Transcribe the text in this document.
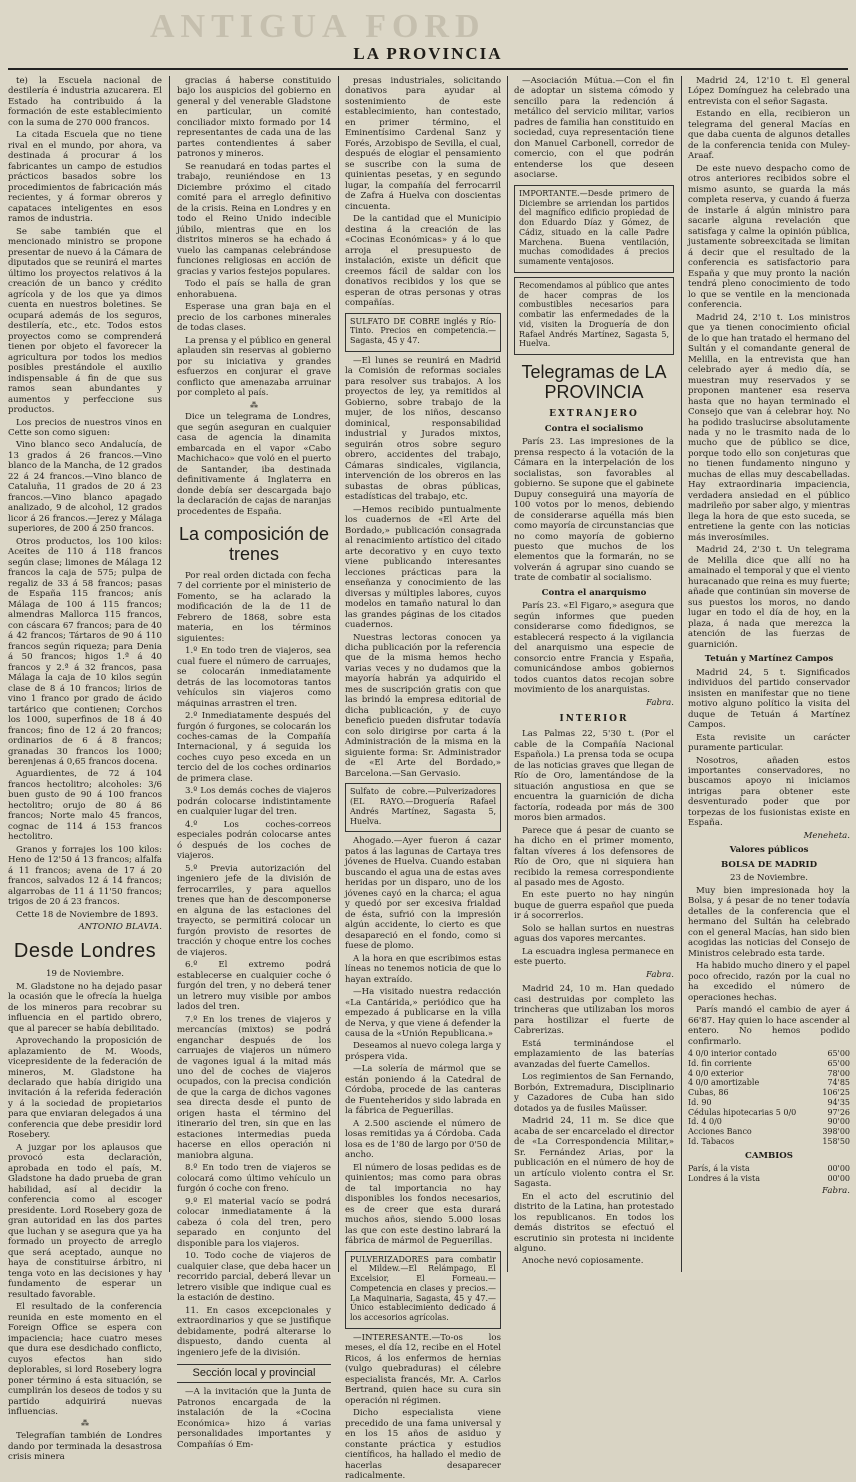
ANTIGUA FORD
LA PROVINCIA

te) la Escuela nacional de destilería é industria azucarera. El Estado ha contribuido á la formación de este establecimiento con la suma de 270 000 francos.

La citada Escuela que no tiene rival en el mundo, por ahora, va destinada á procurar á los fabricantes un campo de estudios prácticos basados sobre los procedimientos de fabricación más recientes, y á formar obreros y capataces inteligentes en esos ramos de industria.

Se sabe también que el mencionado ministro se propone presentar de nuevo á la Cámara de diputados que se reunirá el martes último los proyectos relativos á la creación de un banco y crédito agrícola y de los que ya dimos cuenta en nuestros boletines. Se ocupará además de los seguros, destilería, etc., etc. Todos estos proyectos como se comprenderá tienen por objeto el favorecer la agricultura por todos los medios posibles prestándole el auxilio indispensable á fin de que sus ramos sean abundantes y aumentos y perfeccione sus productos.

Los precios de nuestros vinos en Cette son como siguen:

Vino blanco seco Andalucía, de 13 grados á 26 francos.—Vino blanco de la Mancha, de 12 grados 22 á 24 francos.—Vino blanco de Cataluña, 11 grados de 20 á 23 francos.—Vino blanco apagado analizado, 9 de alcohol, 12 grados licor á 26 francos.—Jerez y Málaga superiores, de 200 á 250 francos.

Otros productos, los 100 kilos: Aceites de 110 á 118 francos según clase; limones de Málaga 12 francos la caja de 575; pulpa de regaliz de 33 á 58 francos; pasas de España 115 francos; anís Málaga de 100 á 115 francos; almendras Mallorca 115 francos, con cáscara 67 francos; para de 40 á 42 francos; Tártaros de 90 á 110 francos según riqueza; para Denia á 50 francos; higos 1.ª á 40 francos y 2.ª á 32 francos, pasa Málaga la caja de 10 kilos según clase de 8 á 10 francos; lirios de vino 1 franco por grado de ácido tartárico que contienen; Corchos los 1000, superfinos de 18 á 40 francos; fino de 12 á 20 francos; ordinarios de 6 á 8 francos; granadas 30 francos los 1000; berenjenas á 0,65 francos docena.

Aguardientes, de 72 á 104 francos hectolitro; alcoholes: 3/6 buen gusto de 90 á 100 francos hectolitro; orujo de 80 á 86 francos; Norte malo 45 francos, cognac de 114 á 153 francos hectolitro.

Granos y forrajes los 100 kilos: Heno de 12'50 á 13 francos; alfalfa á 11 francos; avena de 17 á 20 francos, salvados 12 á 14 francos; algarrobas de 11 á 11'50 francos; trigos de 20 á 23 francos.

Cette 18 de Noviembre de 1893.

ANTONIO BLAVIA.
Desde Londres
19 de Noviembre.

M. Gladstone no ha dejado pasar la ocasión que le ofrecía la huelga de los mineros para recobrar su influencia en el partido obrero, que al parecer se había debilitado.

Aprovechando la proposición de aplazamiento de M. Woods, vicepresidente de la federación de mineros, M. Gladstone ha declarado que había dirigido una invitación á la referida federación y á la sociedad de propietarios para que enviaran delegados á una conferencia que debe presidir lord Rosebery.

A juzgar por los aplausos que provocó esta declaración, aprobada en todo el país, M. Gladstone ha dado prueba de gran habilidad, así al decidir la conferencia como al escoger presidente. Lord Rosebery goza de gran autoridad en las dos partes que luchan y se asegura que ya ha formado un proyecto de arreglo que será aceptado, aunque no haya de constituirse árbitro, ni tenga voto en las decisiones y hay fundamento de esperar un resultado favorable.

El resultado de la conferencia reunida en este momento en el Foreign Office se espera con impaciencia; hace cuatro meses que dura ese desdichado conflicto, cuyos efectos han sido deplorables, si lord Rosebery logra poner término á esta situación, se cumplirán los deseos de todos y su partido adquirirá nuevas influencias.

⁂

Telegrafían también de Londres dando por terminada la desastrosa crisis minera

gracias á haberse constituido bajo los auspicios del gobierno en general y del venerable Gladstone en particular, un comité conciliador mixto formado por 14 representantes de cada una de las partes contendientes á saber patronos y mineros.

Se reanudará en todas partes el trabajo, reuniéndose en 13 Diciembre próximo el citado comité para el arreglo definitivo de la crisis. Reina en Londres y en todo el Reino Unido indecible júbilo, mientras que en los distritos mineros se ha echado á vuelo las campanas celebrándose funciones religiosas en acción de gracias y varios festejos populares.

Todo el país se halla de gran enhorabuena.

Esperase una gran baja en el precio de los carbones minerales de todas clases.

La prensa y el público en general aplauden sin reservas al gobierno por su iniciativa y grandes esfuerzos en conjurar el grave conflicto que amenazaba arruinar por completo al país.

⁂

Dice un telegrama de Londres, que según aseguran en cualquier casa de agencia la dinamita embarcada en el vapor «Cabo Machichaco» que voló en el puerto de Santander, iba destinada definitivamente á Inglaterra en donde debía ser descargada bajo la declaración de cajas de naranjas procedentes de España.

La composición de trenes

Por real orden dictada con fecha 7 del corriente por el ministerio de Fomento, se ha aclarado la modificación de la de 11 de Febrero de 1868, sobre esta materia, en los términos siguientes:

1.º En todo tren de viajeros, sea cual fuere el número de carruajes, se colocarán inmediatamente detrás de las locomotoras tantos vehículos sin viajeros como máquinas arrastren el tren.

2.º Inmediatamente después del furgón ó furgones, se colocarán los coches-camas de la Compañía Internacional, y á seguida los coches cuyo peso exceda en un tercio del de los coches ordinarios de primera clase.

3.º Los demás coches de viajeros podrán colocarse indistintamente en cualquier lugar del tren.

4.º Los coches-correos especiales podrán colocarse antes ó después de los coches de viajeros.

5.º Previa autorización del ingeniero jefe de la división de ferrocarriles, y para aquellos trenes que han de descomponerse en alguna de las estaciones del trayecto, se permitirá colocar un furgón provisto de resortes de tracción y choque entre los coches de viajeros.

6.º El extremo podrá establecerse en cualquier coche ó furgón del tren, y no deberá tener un letrero muy visible por ambos lados del tren.

7.º En los trenes de viajeros y mercancías (mixtos) se podrá enganchar después de los carruajes de viajeros un número de vagones igual á la mitad más uno del de coches de viajeros ocupados, con la precisa condición de que la carga de dichos vagones sea directa desde el punto de origen hasta el término del itinerario del tren, sin que en las estaciones intermedias pueda hacerse en ellos operación ni maniobra alguna.

8.º En todo tren de viajeros se colocará como último vehículo un furgón ó coche con freno.

9.º El material vacío se podrá colocar inmediatamente á la cabeza ó cola del tren, pero separado en conjunto del disponible para los viajeros.

10. Todo coche de viajeros de cualquier clase, que deba hacer un recorrido parcial, deberá llevar un letrero visible que indique cual es la estación de destino.

11. En casos excepcionales y extraordinarios y que se justifique debidamente, podrá alterarse lo dispuesto, dando cuenta al ingeniero jefe de la división.

Sección local y provincial

—A la invitación que la Junta de Patronos encargada de la instalación de la «Cocina Económica» hizo á varias personalidades importantes y Compañías ó Em-

presas industriales, solicitando donativos para ayudar al sostenimiento de este establecimiento, han contestado, en primer término, el Eminentísimo Cardenal Sanz y Forés, Arzobispo de Sevilla, el cual, después de elogiar el pensamiento se suscribe con la suma de quinientas pesetas, y en segundo lugar, la compañía del ferrocarril de Zafra á Huelva con doscientas cincuenta.

De la cantidad que el Municipio destina á la creación de las «Cocinas Económicas» y á lo que arroja el presupuesto de instalación, existe un déficit que creemos fácil de saldar con los donativos recibidos y los que se esperan de otras personas y otras compañías.

SULFATO DE COBRE inglés y Río-Tinto. Precios en competencia.—Sagasta, 45 y 47.

—El lunes se reunirá en Madrid la Comisión de reformas sociales para resolver sus trabajos. A los proyectos de ley, ya remitidos al Gobierno, sobre trabajo de la mujer, de los niños, descanso dominical, responsabilidad industrial y Jurados mixtos, seguirán otros sobre seguro obrero, accidentes del trabajo, Cámaras sindicales, vigilancia, intervención de los obreros en las subastas de obras públicas, estadísticas del trabajo, etc.

—Hemos recibido puntualmente los cuadernos de «El Arte del Bordado,» publicación consagrada al renacimiento artístico del citado arte decorativo y en cuyo texto viene publicando interesantes lecciones prácticas para la enseñanza y conocimiento de las diversas y múltiples labores, cuyos modelos en tamaño natural lo dan las grandes páginas de los citados cuadernos.

Nuestras lectoras conocen ya dicha publicación por la referencia que de la misma hemos hecho varias veces y no dudamos que la mayoría habrán ya adquirido el mes de suscripción gratis con que las brindó la empresa editorial de dicha publicación, y de cuyo beneficio pueden disfrutar todavía con solo dirigirse por carta á la Administración de la misma en la siguiente forma: Sr. Administrador de «El Arte del Bordado,» Barcelona.—San Gervasio.

Sulfato de cobre.—Pulverizadores (EL RAYO.—Droguería Rafael Andrés Martínez, Sagasta 5, Huelva.

Ahogado.—Ayer fueron á cazar patos á las lagunas de Cartaya tres jóvenes de Huelva. Cuando estaban buscando el agua una de estas aves heridas por un disparo, uno de los jóvenes cayó en la charca; el agua y quedó por ser excesiva frialdad de ésta, sufrió con la impresión algún accidente, lo cierto es que desapareció en el fondo, como si fuese de plomo.

A la hora en que escribimos estas líneas no tenemos noticia de que lo hayan extraído.

—Ha visitado nuestra redacción «La Cantárida,» periódico que ha empezado á publicarse en la villa de Nerva, y que viene á defender la causa de la «Unión Republicana.»

Deseamos al nuevo colega larga y próspera vida.

—La solería de mármol que se están poniendo á la Catedral de Córdoba, procede de las canteras de Fuenteheridos y sido labrada en la fábrica de Peguerillas.

A 2.500 asciende el número de losas remitidas ya á Córdoba. Cada losa es de 1'80 de largo por 0'50 de ancho.

El número de losas pedidas es de quinientos; mas como para obras de tal importancia no hay disponibles los fondos necesarios, es de creer que esta durará muchos años, siendo 5.000 losas las que con este destino labrará la fábrica de mármol de Peguerillas.

PULVERIZADORES para combatir el Mildew.—El Relámpago, El Excelsior, El Forneau.—Competencia en clases y precios.—La Maquinaria, Sagasta, 45 y 47.—Único establecimiento dedicado á los accesorios agrícolas.

—INTERESANTE.—To-os los meses, el día 12, recibe en el Hotel Ricos, á los enfermos de hernias (vulgo quebraduras) el célebre especialista francés, Mr. A. Carlos Bertrand, quien hace su cura sin operación ni régimen.

Dicho especialista viene precedido de una fama universal y en los 15 años de asiduo y constante práctica y estudios científicos, ha hallado el medio de hacerlas desaparecer radicalmente.

—Asociación Mútua.—Con el fin de adoptar un sistema cómodo y sencillo para la redención á metálico del servicio militar, varios padres de familia han constituido en sociedad, cuya representación tiene don Manuel Carbonell, corredor de comercio, con el que podrán entenderse los que deseen asociarse.

IMPORTANTE.—Desde primero de Diciembre se arriendan los partidos del magnífico edificio propiedad de don Eduardo Díaz y Gómez, de Cádiz, situado en la calle Padre Marchena. Buena ventilación, muchas comodidades á precios sumamente ventajosos.

Recomendamos al público que antes de hacer compras de los combustibles necesarios para combatir las enfermedades de la vid, visiten la Droguería de don Rafael Andrés Martínez, Sagasta 5, Huelva.

Telegramas de LA PROVINCIA
EXTRANJERO
Contra el socialismo

París 23. Las impresiones de la prensa respecto á la votación de la Cámara en la interpelación de los socialistas, son favorables al gobierno. Se supone que el gabinete Dupuy conseguirá una mayoría de 100 votos por lo menos, debiendo de considerarse aquélla más bien como mayoría de circunstancias que no como mayoría de gobierno puesto que muchos de los elementos que la formarán, no se volverán á agrupar sino cuando se trate de combatir al socialismo.

Contra el anarquismo

París 23. «El Figaro,» asegura que según informes que pueden considerarse como fidedignos, se establecerá respecto á la vigilancia del anarquismo una especie de consorcio entre Francia y España, comunicándose ambos gobiernos todos cuantos datos recojan sobre movimiento de los anarquistas.

Fabra.
INTERIOR

Las Palmas 22, 5'30 t. (Por el cable de la Compañía Nacional Española.) La prensa toda se ocupa de las noticias graves que llegan de Río de Oro, lamentándose de la situación angustiosa en que se encuentra la guarnición de dicha factoría, rodeada por más de 300 moros bien armados.

Parece que á pesar de cuanto se ha dicho en el primer momento, faltan víveres á los defensores de Río de Oro, que ni siquiera han recibido la remesa correspondiente al pasado mes de Agosto.

En este puerto no hay ningún buque de guerra español que pueda ir á socorrerlos.

Solo se hallan surtos en nuestras aguas dos vapores mercantes.

La escuadra inglesa permanece en este puerto.

Fabra.

Madrid 24, 10 m. Han quedado casi destruidas por completo las trincheras que utilizaban los moros para hostilizar el fuerte de Cabrerizas.

Está terminándose el emplazamiento de las baterías avanzadas del fuerte Camellos.

Los regimientos de San Fernando, Borbón, Extremadura, Disciplinario y Cazadores de Cuba han sido dotados ya de fusiles Maüsser.

Madrid 24, 11 m. Se dice que acaba de ser encarcelado el director de «La Correspondencia Militar,» Sr. Fernández Arias, por la publicación en el número de hoy de un artículo violento contra el Sr. Sagasta.

En el acto del escrutinio del distrito de la Latina, han protestado los republicanos. En todos los demás distritos se efectuó el escrutinio sin protesta ni incidente alguno.

Anoche nevó copiosamente.

Madrid 24, 12'10 t. El general López Domínguez ha celebrado una entrevista con el señor Sagasta.

Estando en ella, recibieron un telegrama del general Macías en que daba cuenta de algunos detalles de la conferencia tenida con Muley-Araaf.

De este nuevo despacho como de otros anteriores recibidos sobre el mismo asunto, se guarda la más completa reserva, y cuando á fuerza de instarle á algún ministro para sacarle alguna revelación que satisfaga y calme la opinión pública, justamente sobreexcitada se limitan á decir que el resultado de la conferencia es satisfactorio para España y que muy pronto la nación tendrá pleno conocimiento de todo lo que se ventile en la mencionada conferencia.

Madrid 24, 2'10 t. Los ministros que ya tienen conocimiento oficial de lo que han tratado el hermano del Sultán y el comandante general de Melilla, en la entrevista que han celebrado ayer á medio día, se muestran muy reservados y se proponen mantener esa reserva hasta que no hayan terminado el Consejo que van á celebrar hoy. No ha podido traslucirse absolutamente nada y no le trasmito nada de lo mucho que de público se dice, porque todo ello son conjeturas que no tienen fundamento ninguno y muchas de ellas muy descabelladas. Hay extraordinaria impaciencia, verdadera ansiedad en el público madrileño por saber algo, y mientras llega la hora de que esto suceda, se entretiene la gente con las noticias más inverosímiles.

Madrid 24, 2'30 t. Un telegrama de Melilla dice que allí no ha amainado el temporal y que el viento huracanado que reina es muy fuerte; añade que continúan sin moverse de sus puestos los moros, no dando lugar en todo el día de hoy, en la plaza, á nada que merezca la atención de las fuerzas de guarnición.

Tetuán y Martínez Campos

Madrid 24, 5 t. Significados individuos del partido conservador insisten en manifestar que no tiene motivo alguno político la visita del duque de Tetuán á Martínez Campos.

Esta revisite un carácter puramente particular.

Nosotros, añaden estos importantes conservadores, no buscamos apoyo ni iniciamos intrigas para obtener este desventurado poder que por torpezas de los fusionistas existe en España.

Meneheta.
Valores públicos
BOLSA DE MADRID
23 de Noviembre.

Muy bien impresionada hoy la Bolsa, y á pesar de no tener todavía detalles de la conferencia que el hermano del Sultán ha celebrado con el general Macías, han sido bien acogidas las noticias del Consejo de Ministros celebrado esta tarde.

Ha habido mucho dinero y el papel poco ofrecido, razón por la cual no ha excedido el número de operaciones hechas.

París mandó el cambio de ayer á 66'87. Hay quien lo hace ascender al entero. No hemos podido confirmarlo.

4 0/0 interior contado	65'00
Id. fin corriente	65'00
4 0/0 exterior	78'00
4 0/0 amortizable	74'85
Cubas, 86	106'25
Id. 90	94'35
Cédulas hipotecarias 5 0/0	97'26
Id. 4 0/0	90'00
Acciones Banco	398'00
Id. Tabacos	158'50
CAMBIOS
París, á la vista	00'00
Londres á la vista	00'00
Fabra.
